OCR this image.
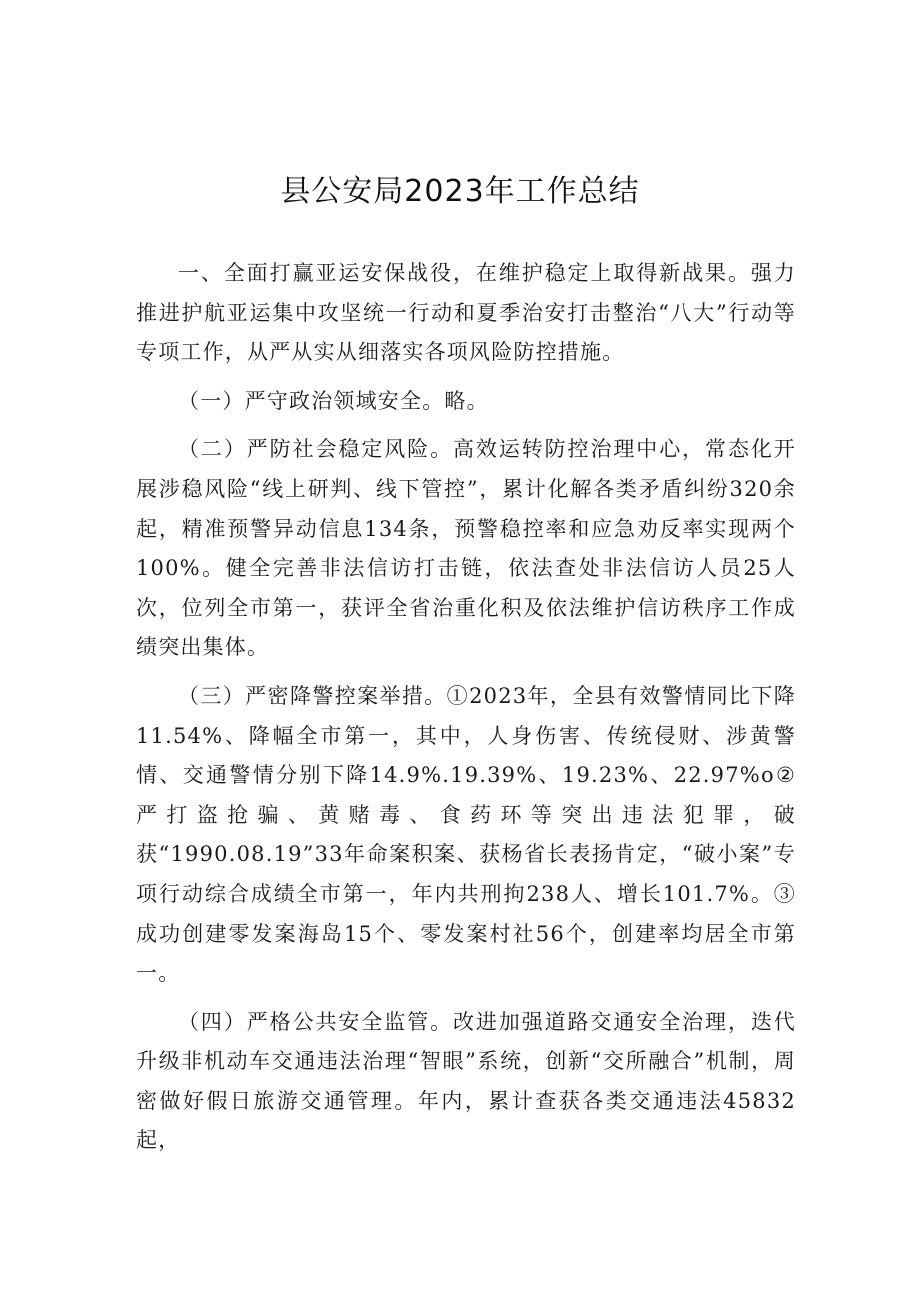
县公安局2023年工作总结

一、全面打赢亚运安保战役，在维护稳定上取得新战果。强力推进护航亚运集中攻坚统一行动和夏季治安打击整治“八大”行动等专项工作，从严从实从细落实各项风险防控措施。

（一）严守政治领域安全。略。

（二）严防社会稳定风险。高效运转防控治理中心，常态化开展涉稳风险“线上研判、线下管控”，累计化解各类矛盾纠纷320余起，精准预警异动信息134条，预警稳控率和应急劝反率实现两个100%。健全完善非法信访打击链，依法查处非法信访人员25人次，位列全市第一，获评全省治重化积及依法维护信访秩序工作成绩突出集体。

（三）严密降警控案举措。①2023年，全县有效警情同比下降11.54%、降幅全市第一，其中，人身伤害、传统侵财、涉黄警情、交通警情分别下降14.9%.19.39%、19.23%、22.97%o②严打盗抢骗、黄赌毒、食药环等突出违法犯罪，破获“1990.08.19”33年命案积案、获杨省长表扬肯定，“破小案”专项行动综合成绩全市第一，年内共刑拘238人、增长101.7%。③成功创建零发案海岛15个、零发案村社56个，创建率均居全市第一。

（四）严格公共安全监管。改进加强道路交通安全治理，迭代升级非机动车交通违法治理“智眼”系统，创新“交所融合”机制，周密做好假日旅游交通管理。年内，累计查获各类交通违法45832起，
